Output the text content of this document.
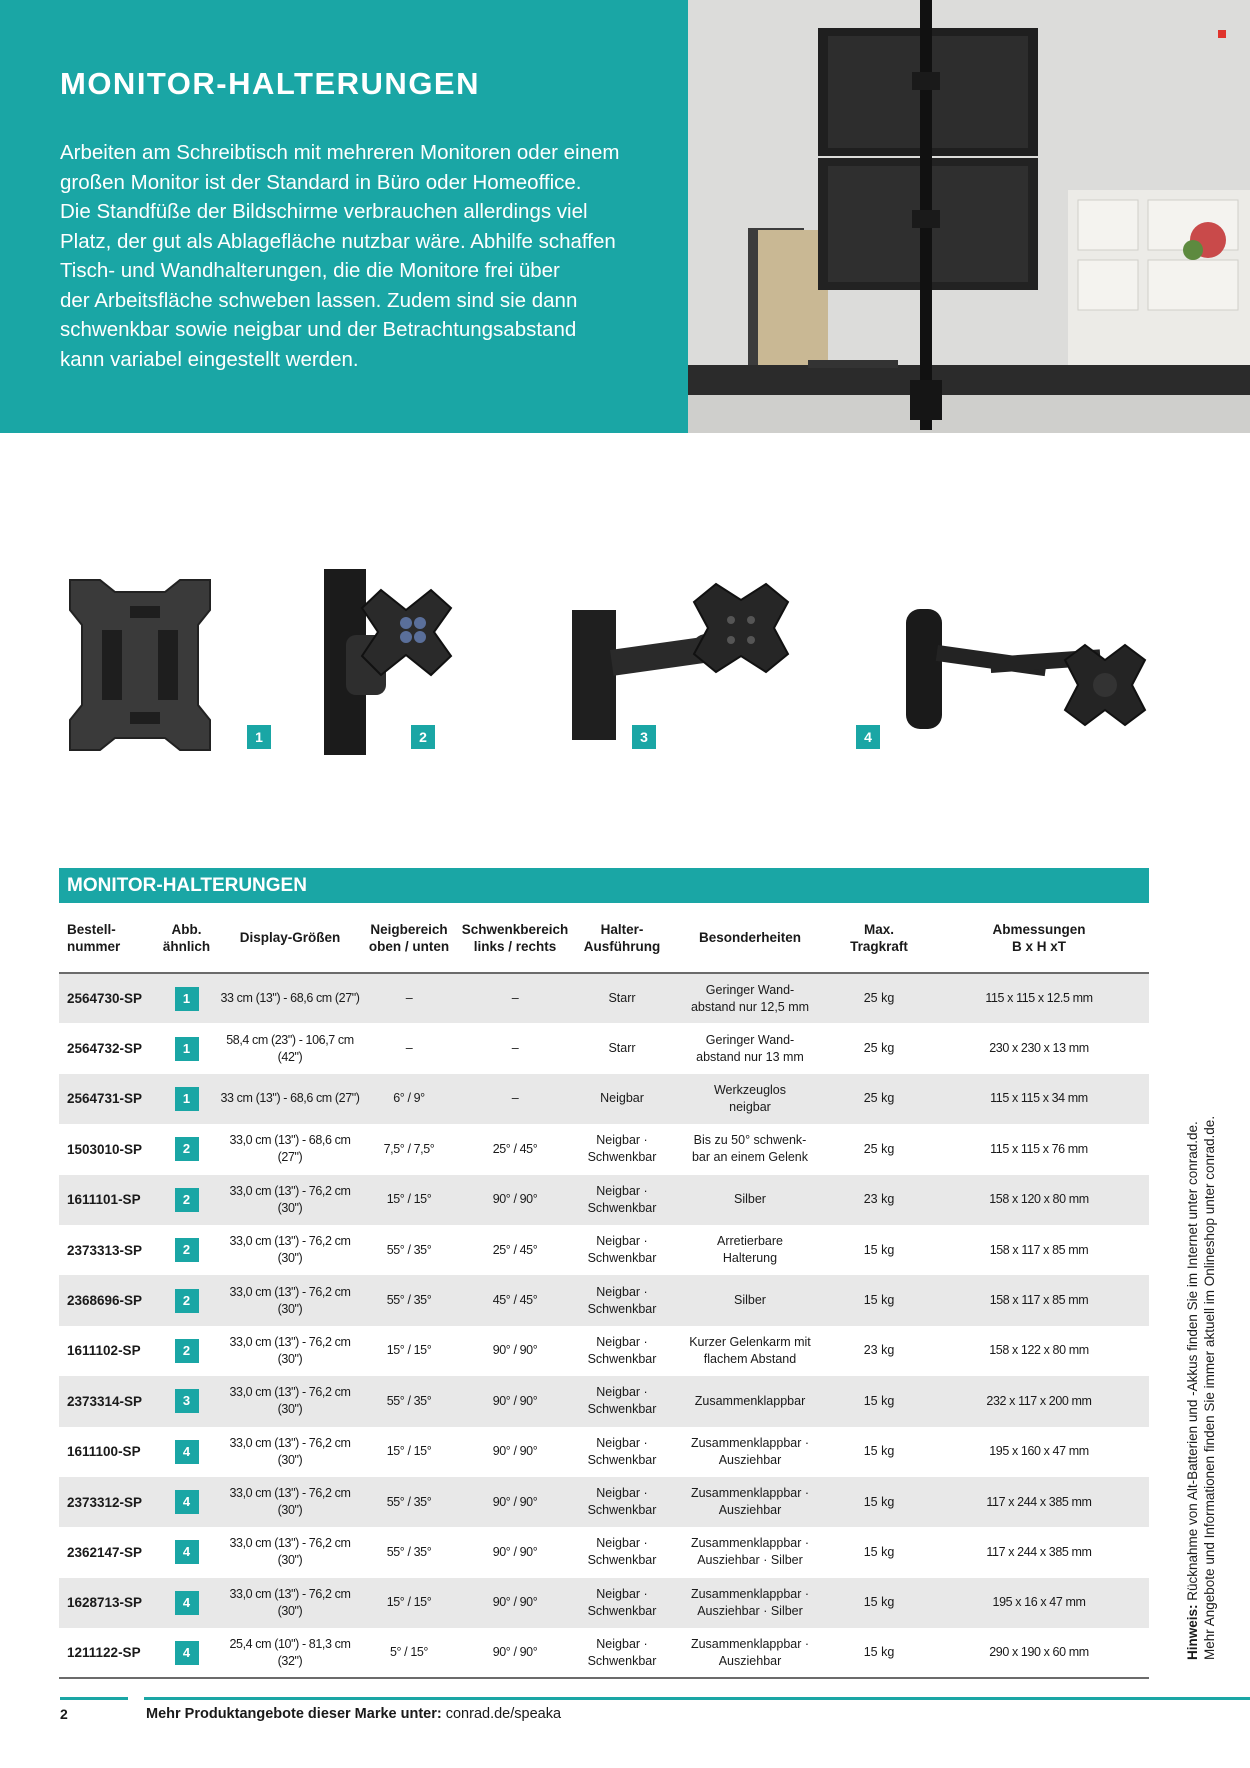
MONITOR-HALTERUNGEN
Arbeiten am Schreibtisch mit mehreren Monitoren oder einem
großen Monitor ist der Standard in Büro oder Homeoffice.
Die Standfüße der Bildschirme verbrauchen allerdings viel
Platz, der gut als Ablagefläche nutzbar wäre. Abhilfe schaffen
Tisch- und Wandhalterungen, die die Monitore frei über
der Arbeitsfläche schweben lassen. Zudem sind sie dann
schwenkbar sowie neigbar und der Betrachtungsabstand
kann variabel eingestellt werden.
1	2	3	4
MONITOR-HALTERUNGEN
Bestell-
nummer	Abb.
ähnlich	Display-Größen	Neigbereich
oben / unten	Schwenkbereich
links / rechts	Halter-
Ausführung	Besonderheiten	Max.
Tragkraft	Abmessungen
B x H xT
2564730-SP	1	33 cm (13") - 68,6 cm (27")	–	–	Starr	Geringer Wand-
abstand nur 12,5 mm	25 kg	115 x 115 x 12.5 mm
2564732-SP	1	58,4 cm (23") - 106,7 cm (42")	–	–	Starr	Geringer Wand-
abstand nur 13 mm	25 kg	230 x 230 x 13 mm
2564731-SP	1	33 cm (13") - 68,6 cm (27")	6° / 9°	–	Neigbar	Werkzeuglos
neigbar	25 kg	115 x 115 x 34 mm
1503010-SP	2	33,0 cm (13") - 68,6 cm (27")	7,5° / 7,5°	25° / 45°	Neigbar ·
Schwenkbar	Bis zu 50° schwenk-
bar an einem Gelenk	25 kg	115 x 115 x 76 mm
1611101-SP	2	33,0 cm (13") - 76,2 cm (30")	15° / 15°	90° / 90°	Neigbar ·
Schwenkbar	Silber	23 kg	158 x 120 x 80 mm
2373313-SP	2	33,0 cm (13") - 76,2 cm (30")	55° / 35°	25° / 45°	Neigbar ·
Schwenkbar	Arretierbare
Halterung	15 kg	158 x 117 x 85 mm
2368696-SP	2	33,0 cm (13") - 76,2 cm (30")	55° / 35°	45° / 45°	Neigbar ·
Schwenkbar	Silber	15 kg	158 x 117 x 85 mm
1611102-SP	2	33,0 cm (13") - 76,2 cm (30")	15° / 15°	90° / 90°	Neigbar ·
Schwenkbar	Kurzer Gelenkarm mit
flachem Abstand	23 kg	158 x 122 x 80 mm
2373314-SP	3	33,0 cm (13") - 76,2 cm (30")	55° / 35°	90° / 90°	Neigbar ·
Schwenkbar	Zusammenklappbar	15 kg	232 x 117 x 200 mm
1611100-SP	4	33,0 cm (13") - 76,2 cm (30")	15° / 15°	90° / 90°	Neigbar ·
Schwenkbar	Zusammenklappbar ·
Ausziehbar	15 kg	195 x 160 x 47 mm
2373312-SP	4	33,0 cm (13") - 76,2 cm (30")	55° / 35°	90° / 90°	Neigbar ·
Schwenkbar	Zusammenklappbar ·
Ausziehbar	15 kg	117 x 244 x 385 mm
2362147-SP	4	33,0 cm (13") - 76,2 cm (30")	55° / 35°	90° / 90°	Neigbar ·
Schwenkbar	Zusammenklappbar ·
Ausziehbar · Silber	15 kg	117 x 244 x 385 mm
1628713-SP	4	33,0 cm (13") - 76,2 cm (30")	15° / 15°	90° / 90°	Neigbar ·
Schwenkbar	Zusammenklappbar ·
Ausziehbar · Silber	15 kg	195 x 16 x 47 mm
1211122-SP	4	25,4 cm (10") - 81,3 cm (32")	5° / 15°	90° / 90°	Neigbar ·
Schwenkbar	Zusammenklappbar ·
Ausziehbar	15 kg	290 x 190 x 60 mm	Hinweis: Rücknahme von Alt-Batterien und -Akkus finden Sie im Internet unter conrad.de. Mehr Angebote und Informationen finden Sie immer aktuell im Onlineshop unter conrad.de.
2	Mehr Produktangebote dieser Marke unter: conrad.de/speaka
